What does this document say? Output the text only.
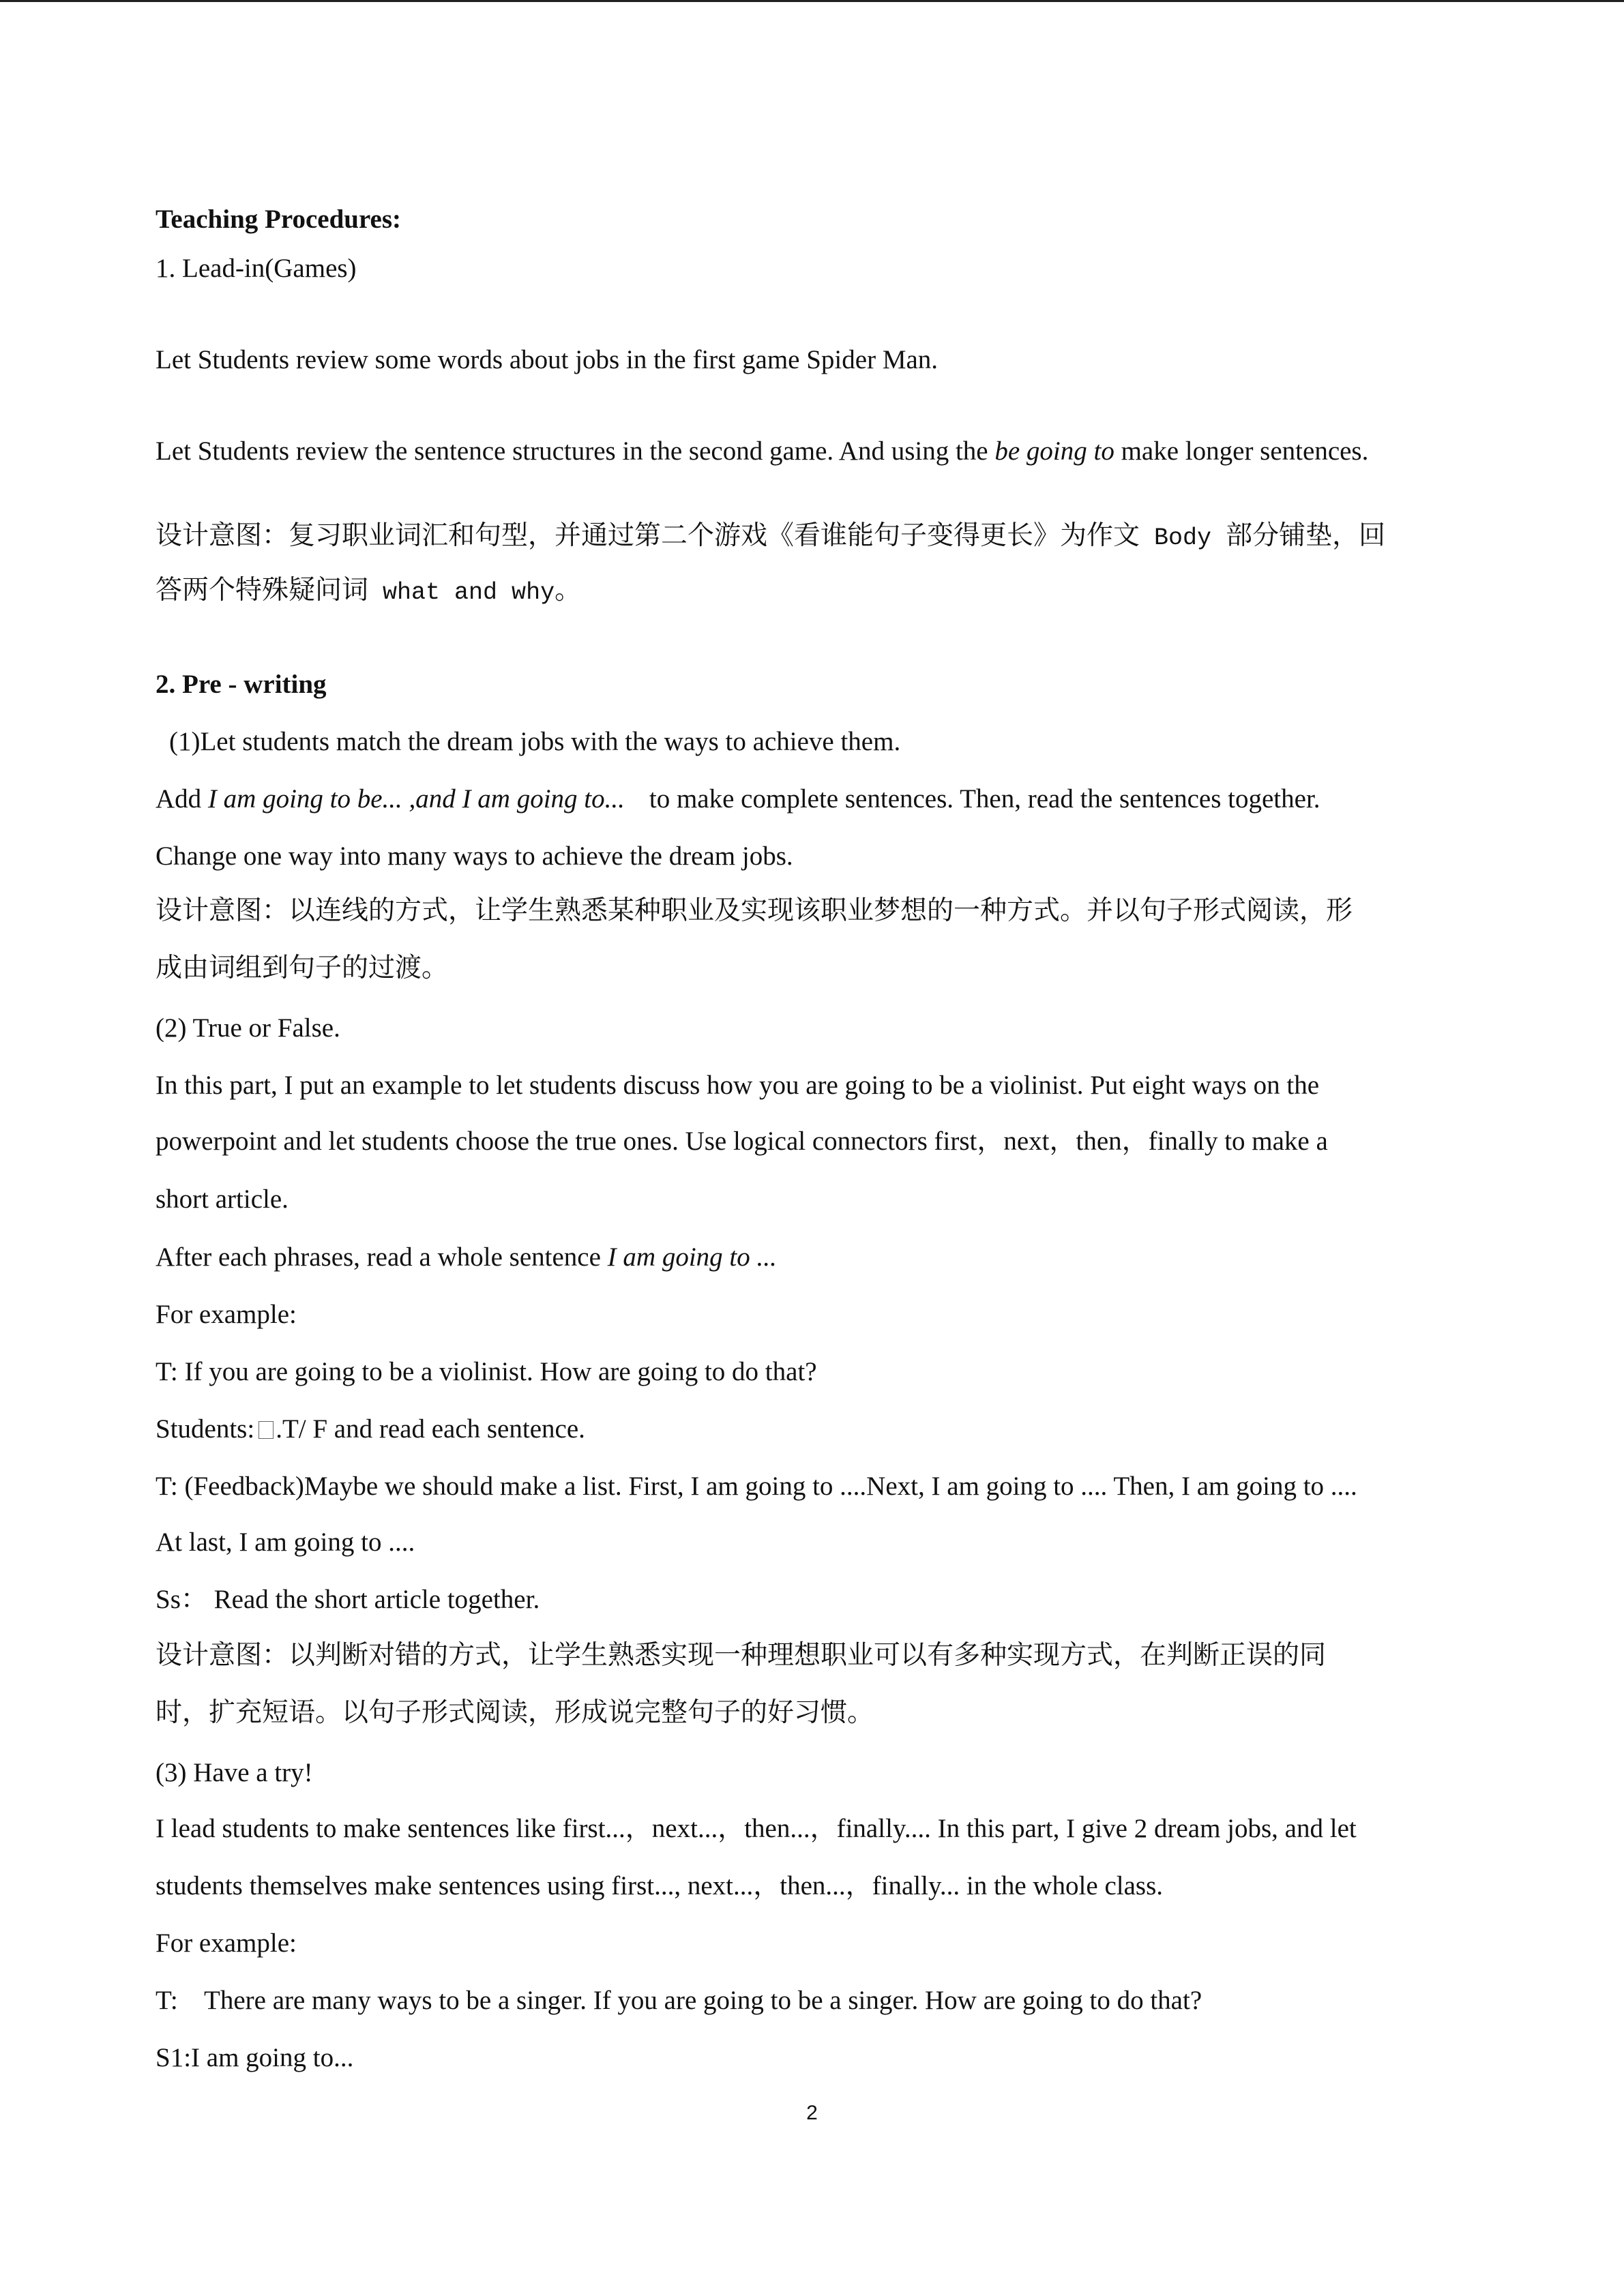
Teaching Procedures:
1. Lead-in(Games)
Let Students review some words about jobs in the first game Spider Man.
Let Students review the sentence structures in the second game. And using the be going to make longer sentences.
设计意图：复习职业词汇和句型，并通过第二个游戏《看谁能句子变得更长》为作文 Body 部分铺垫，回
答两个特殊疑问词 what and why。
2. Pre - writing
(1)Let students match the dream jobs with the ways to achieve them.
Add I am going to be... ,and I am going to... to make complete sentences. Then, read the sentences together.
Change one way into many ways to achieve the dream jobs.
设计意图：以连线的方式，让学生熟悉某种职业及实现该职业梦想的一种方式。并以句子形式阅读，形
成由词组到句子的过渡。
(2) True or False.
In this part, I put an example to let students discuss how you are going to be a violinist. Put eight ways on the
powerpoint and let students choose the true ones. Use logical connectors first，next，then，finally to make a
short article.
After each phrases, read a whole sentence I am going to ...
For example:
T: If you are going to be a violinist. How are going to do that?
Students: .T/ F and read each sentence.
T: (Feedback)Maybe we should make a list. First, I am going to ....Next, I am going to .... Then, I am going to ....
At last, I am going to ....
Ss： Read the short article together.
设计意图：以判断对错的方式，让学生熟悉实现一种理想职业可以有多种实现方式，在判断正误的同
时，扩充短语。以句子形式阅读，形成说完整句子的好习惯。
(3) Have a try!
I lead students to make sentences like first...，next...，then...，finally.... In this part, I give 2 dream jobs, and let
students themselves make sentences using first..., next...，then...，finally... in the whole class.
For example:
T:    There are many ways to be a singer. If you are going to be a singer. How are going to do that?
S1:I am going to...
2
